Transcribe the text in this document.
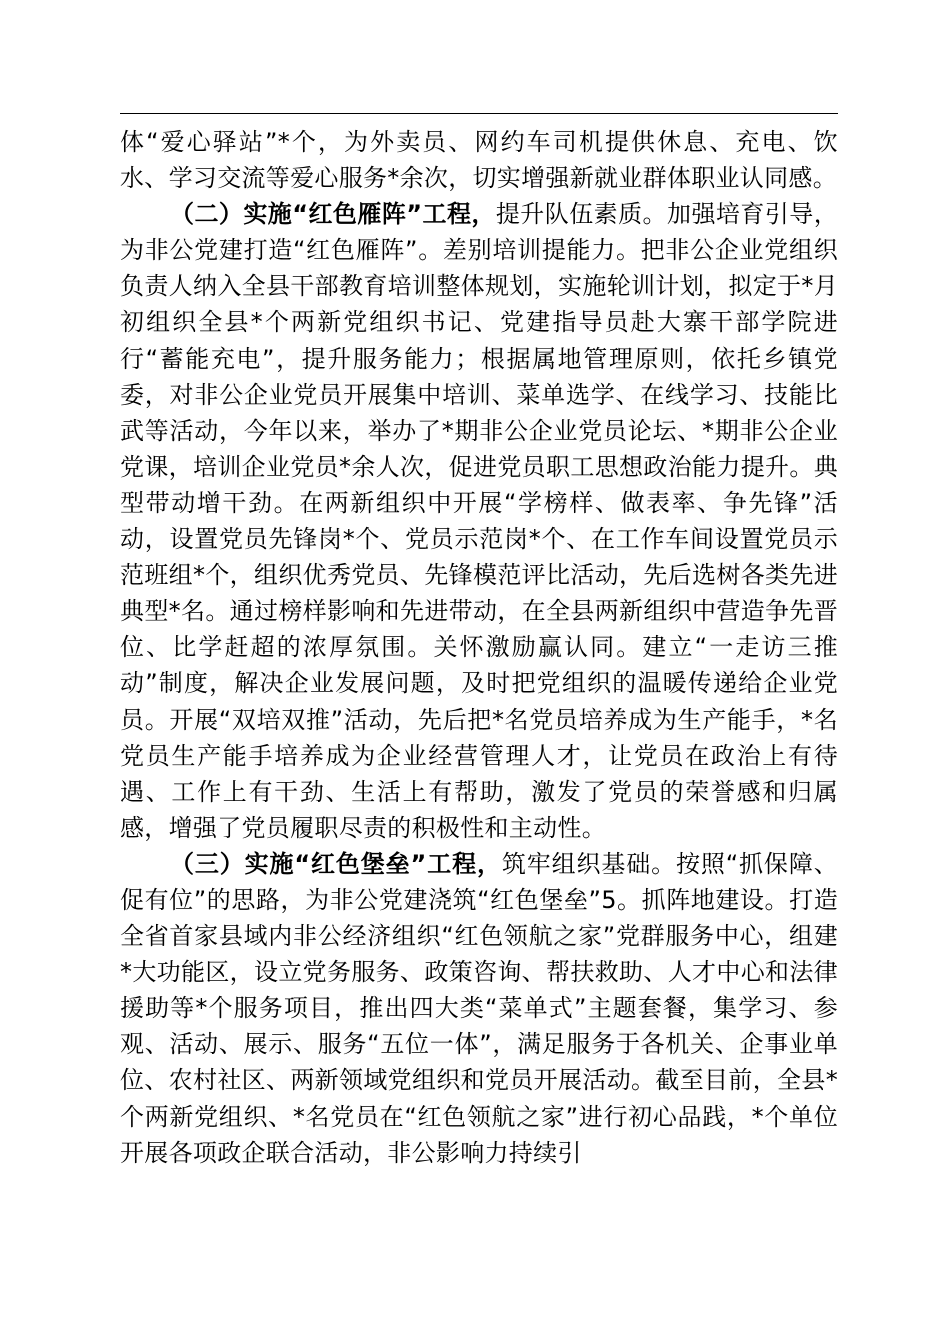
体“爱心驿站”*个，为外卖员、网约车司机提供休息、充电、饮水、学习交流等爱心服务*余次，切实增强新就业群体职业认同感。

（二）实施“红色雁阵”工程，提升队伍素质。加强培育引导，为非公党建打造“红色雁阵”。差别培训提能力。把非公企业党组织负责人纳入全县干部教育培训整体规划，实施轮训计划，拟定于*月初组织全县*个两新党组织书记、党建指导员赴大寨干部学院进行“蓄能充电”，提升服务能力；根据属地管理原则，依托乡镇党委，对非公企业党员开展集中培训、菜单选学、在线学习、技能比武等活动，今年以来，举办了*期非公企业党员论坛、*期非公企业党课，培训企业党员*余人次，促进党员职工思想政治能力提升。典型带动增干劲。在两新组织中开展“学榜样、做表率、争先锋”活动，设置党员先锋岗*个、党员示范岗*个、在工作车间设置党员示范班组*个，组织优秀党员、先锋模范评比活动，先后选树各类先进典型*名。通过榜样影响和先进带动，在全县两新组织中营造争先晋位、比学赶超的浓厚氛围。关怀激励赢认同。建立“一走访三推动”制度，解决企业发展问题，及时把党组织的温暖传递给企业党员。开展“双培双推”活动，先后把*名党员培养成为生产能手，*名党员生产能手培养成为企业经营管理人才，让党员在政治上有待遇、工作上有干劲、生活上有帮助，激发了党员的荣誉感和归属感，增强了党员履职尽责的积极性和主动性。

（三）实施“红色堡垒”工程，筑牢组织基础。按照“抓保障、促有位”的思路，为非公党建浇筑“红色堡垒”5。抓阵地建设。打造全省首家县域内非公经济组织“红色领航之家”党群服务中心，组建*大功能区，设立党务服务、政策咨询、帮扶救助、人才中心和法律援助等*个服务项目，推出四大类“菜单式”主题套餐，集学习、参观、活动、展示、服务“五位一体”，满足服务于各机关、企事业单位、农村社区、两新领域党组织和党员开展活动。截至目前，全县*个两新党组织、*名党员在“红色领航之家”进行初心品践，*个单位开展各项政企联合活动，非公影响力持续引
